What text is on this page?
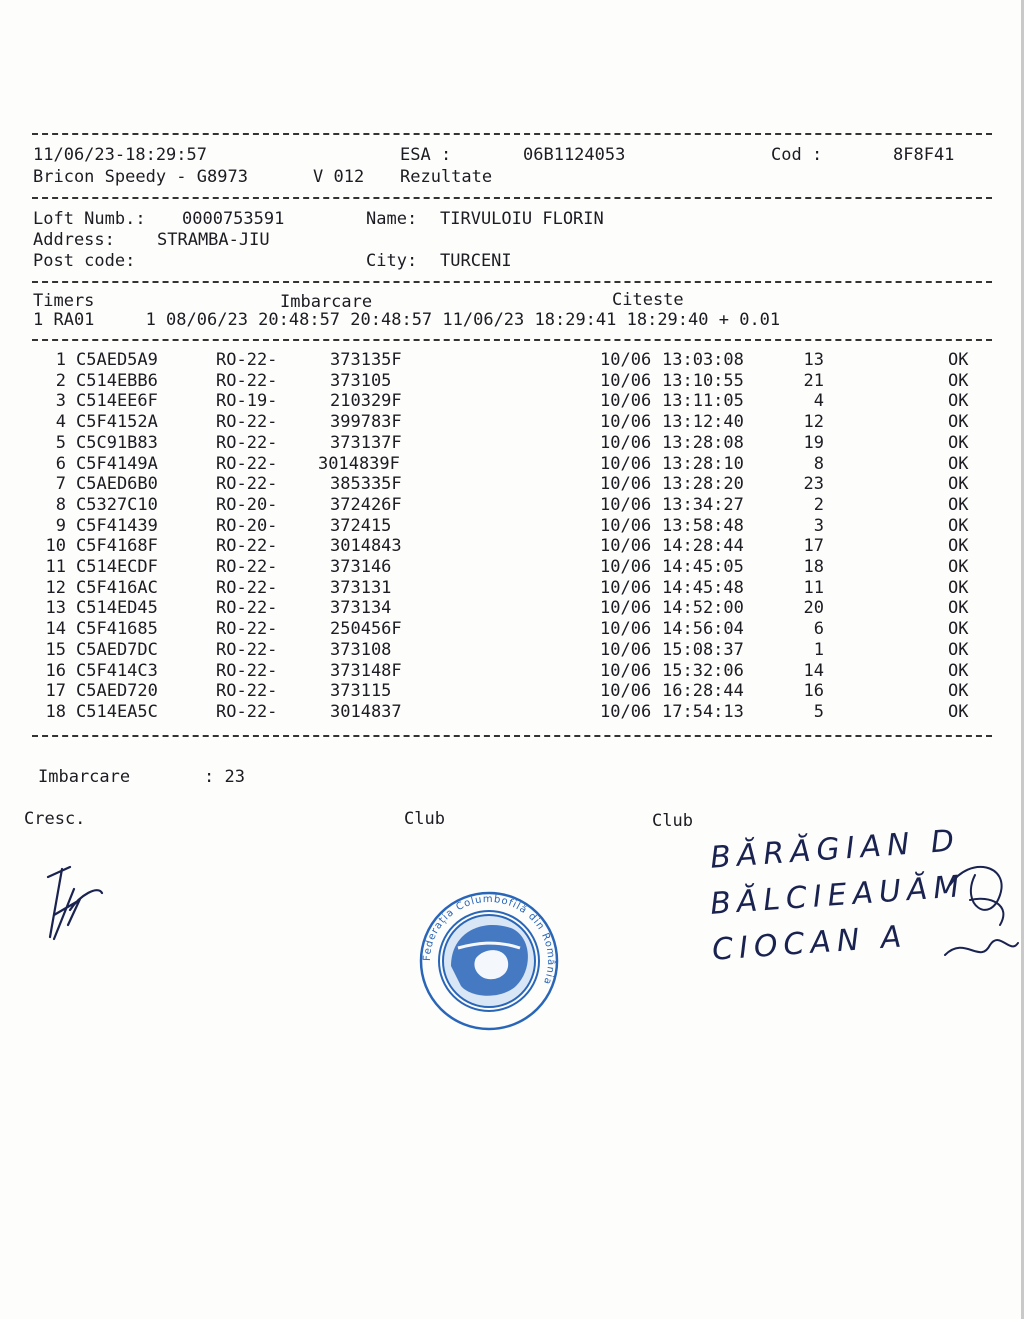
11/06/23-18:29:57	ESA :	06B1124053	Cod :	8F8F41
Bricon Speedy - G8973	V 012 Rezultate
Loft Numb.: 0000753591	Name: TIRVULOIU FLORIN
Address: STRAMBA-JIU
Post code:	City: TURCENI
Timers	Imbarcare	Citeste
1 RA01     1 08/06/23 20:48:57 20:48:57 11/06/23 18:29:41 18:29:40 + 0.01
1 C5AED5A9	RO-22-	373135F	10/06 13:03:08	13	OK
2 C514EBB6	RO-22-	373105	10/06 13:10:55	21	OK
3 C514EE6F	RO-19-	210329F	10/06 13:11:05	4	OK
4 C5F4152A	RO-22-	399783F	10/06 13:12:40	12	OK
5 C5C91B83	RO-22-	373137F	10/06 13:28:08	19	OK
6 C5F4149A	RO-22- 3014839F	10/06 13:28:10	8	OK
7 C5AED6B0	RO-22-	385335F	10/06 13:28:20	23	OK
8 C5327C10	RO-20-	372426F	10/06 13:34:27	2	OK
9 C5F41439	RO-20-	372415	10/06 13:58:48	3	OK
10 C5F4168F	RO-22-	3014843	10/06 14:28:44	17	OK
11 C514ECDF	RO-22-	373146	10/06 14:45:05	18	OK
12 C5F416AC	RO-22-	373131	10/06 14:45:48	11	OK
13 C514ED45	RO-22-	373134	10/06 14:52:00	20	OK
14 C5F41685	RO-22-	250456F	10/06 14:56:04	6	OK
15 C5AED7DC	RO-22-	373108	10/06 15:08:37	1	OK
16 C5F414C3	RO-22-	373148F	10/06 15:32:06	14	OK
17 C5AED720	RO-22-	373115	10/06 16:28:44	16	OK
18 C514EA5C	RO-22-	3014837	10/06 17:54:13	5	OK
Imbarcare	: 23
Cresc.	Club	Club
Federația Columbofilă din România
BĂRĂGIAN D
BĂLCIEAUĂM
CIOCAN A
